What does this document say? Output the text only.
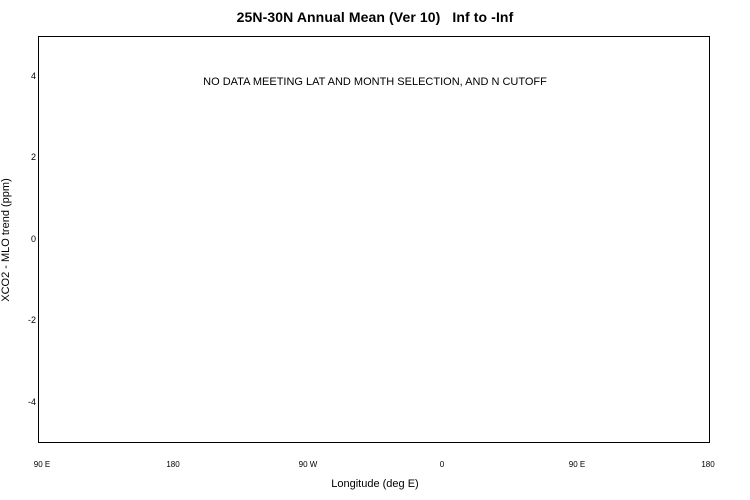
25N-30N Annual Mean (Ver 10)   Inf to -Inf
NO DATA MEETING LAT AND MONTH SELECTION, AND N CUTOFF
4
2
0
-2
-4
90 E	180	90 W	0	90 E	180
XCO2 - MLO trend (ppm)
Longitude (deg E)
